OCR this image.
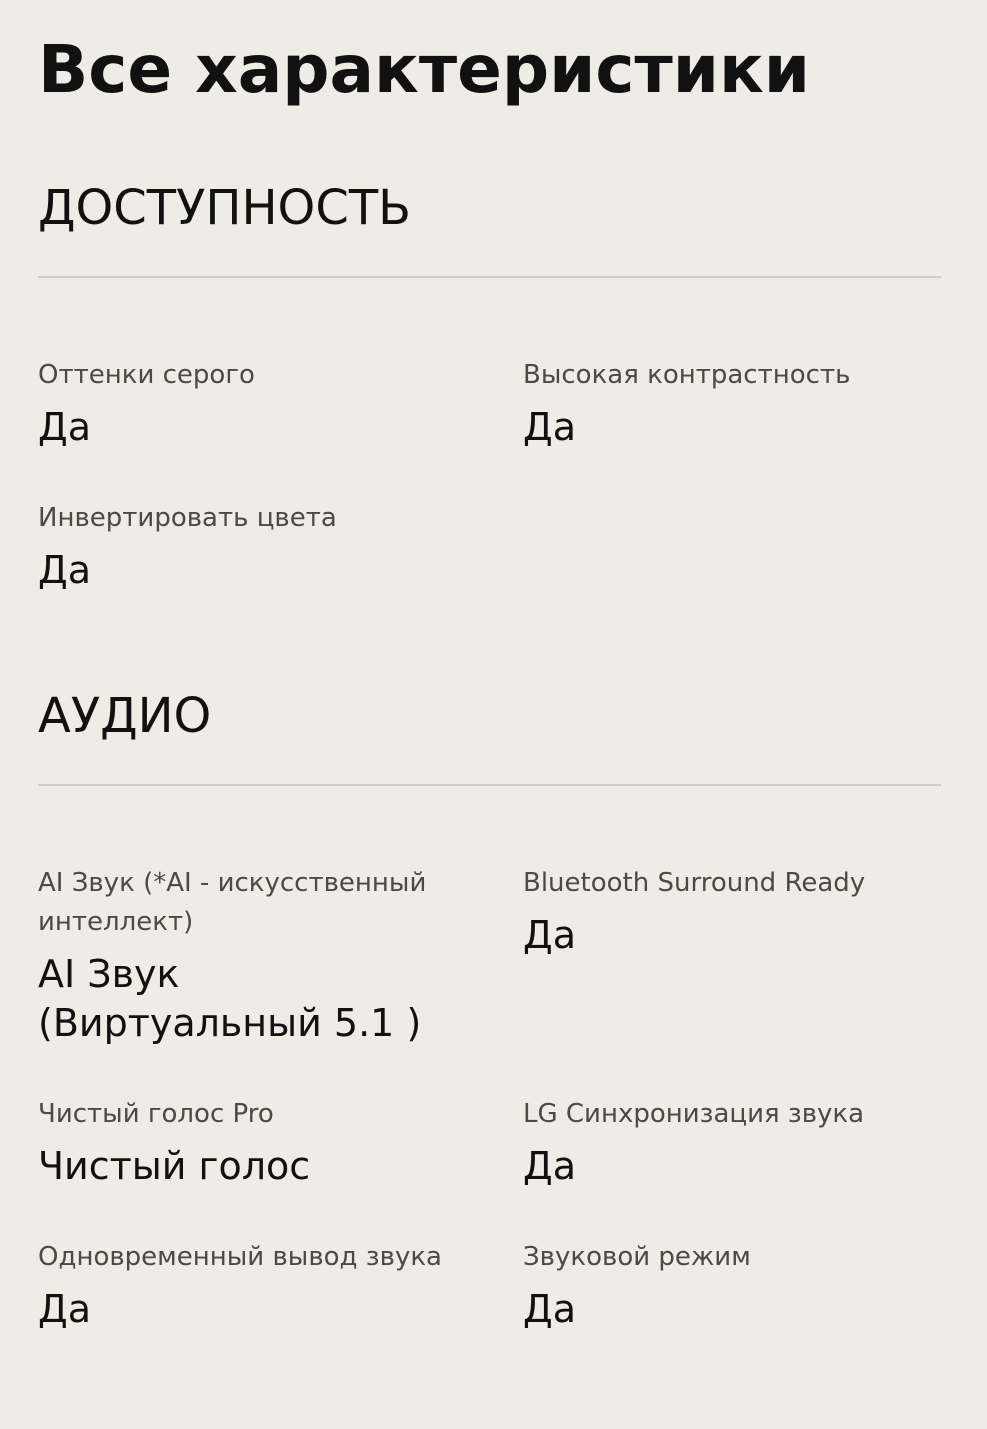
Все характеристики
ДОСТУПНОСТЬ
Оттенки серого
Да
Высокая контрастность
Да
Инвертировать цвета
Да
АУДИО
AI Звук (*AI - искусственный интеллект)
AI Звук (Виртуальный 5.1 )
Bluetooth Surround Ready
Да
Чистый голос Pro
Чистый голос
LG Синхронизация звука
Да
Одновременный вывод звука
Да
Звуковой режим
Да
